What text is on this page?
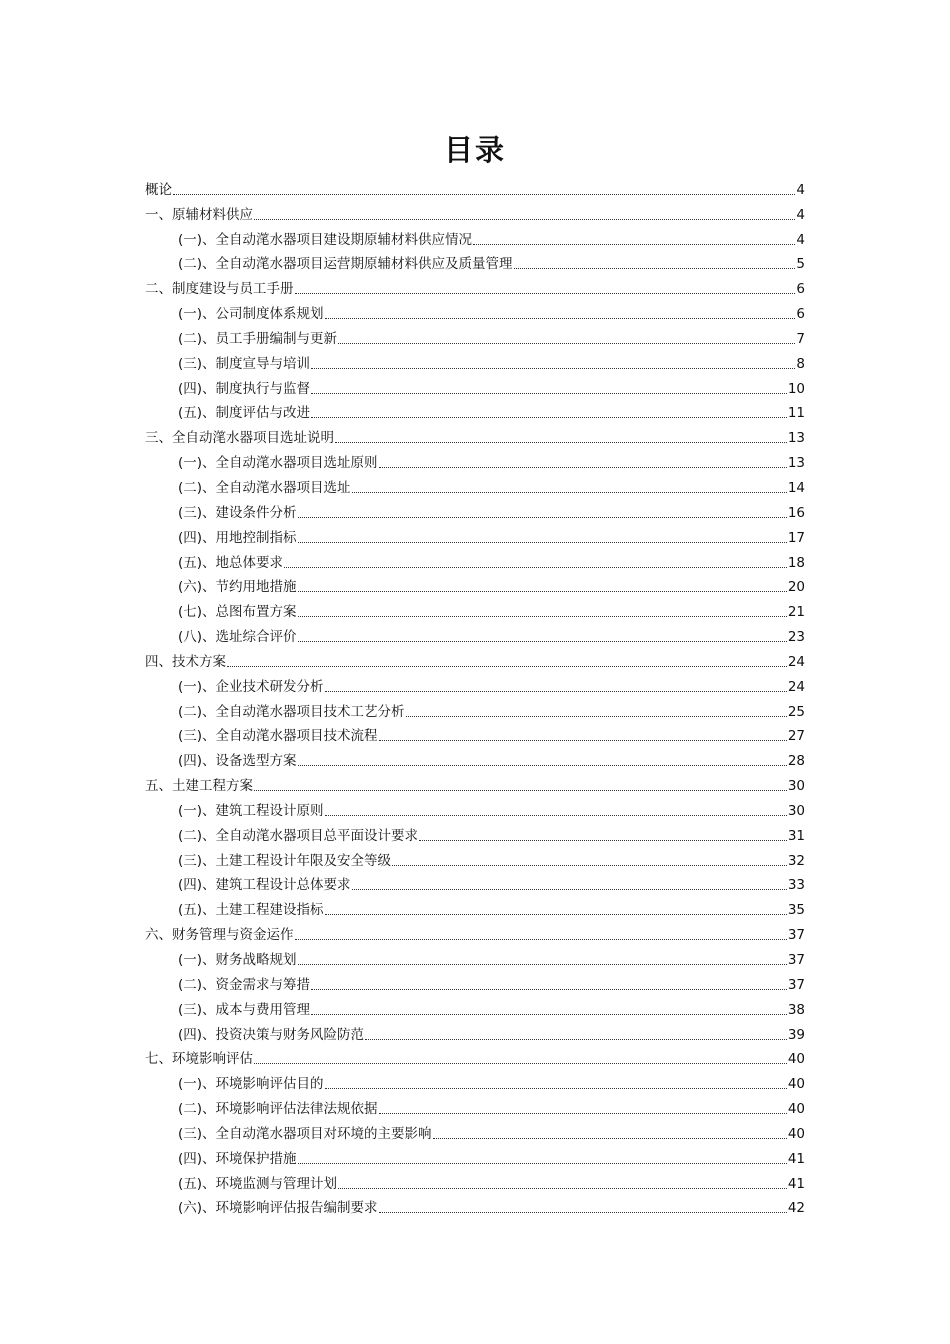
目录
概论	4
一、原辅材料供应	4
(一)、全自动滗水器项目建设期原辅材料供应情况	4
(二)、全自动滗水器项目运营期原辅材料供应及质量管理	5
二、制度建设与员工手册	6
(一)、公司制度体系规划	6
(二)、员工手册编制与更新	7
(三)、制度宣导与培训	8
(四)、制度执行与监督	10
(五)、制度评估与改进	11
三、全自动滗水器项目选址说明	13
(一)、全自动滗水器项目选址原则	13
(二)、全自动滗水器项目选址	14
(三)、建设条件分析	16
(四)、用地控制指标	17
(五)、地总体要求	18
(六)、节约用地措施	20
(七)、总图布置方案	21
(八)、选址综合评价	23
四、技术方案	24
(一)、企业技术研发分析	24
(二)、全自动滗水器项目技术工艺分析	25
(三)、全自动滗水器项目技术流程	27
(四)、设备选型方案	28
五、土建工程方案	30
(一)、建筑工程设计原则	30
(二)、全自动滗水器项目总平面设计要求	31
(三)、土建工程设计年限及安全等级	32
(四)、建筑工程设计总体要求	33
(五)、土建工程建设指标	35
六、财务管理与资金运作	37
(一)、财务战略规划	37
(二)、资金需求与筹措	37
(三)、成本与费用管理	38
(四)、投资决策与财务风险防范	39
七、环境影响评估	40
(一)、环境影响评估目的	40
(二)、环境影响评估法律法规依据	40
(三)、全自动滗水器项目对环境的主要影响	40
(四)、环境保护措施	41
(五)、环境监测与管理计划	41
(六)、环境影响评估报告编制要求	42
